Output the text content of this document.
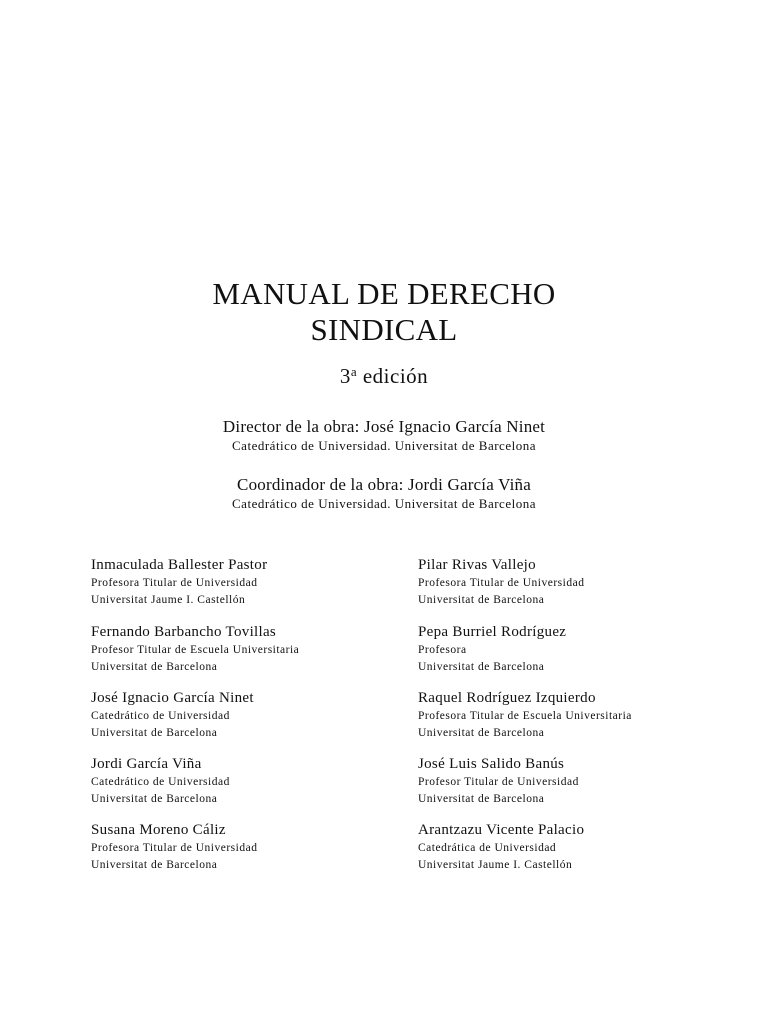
MANUAL DE DERECHO
SINDICAL
3$^a$ edición
Director de la obra: José Ignacio García Ninet
Catedrático de Universidad. Universitat de Barcelona
Coordinador de la obra: Jordi García Viña
Catedrático de Universidad. Universitat de Barcelona
Inmaculada Ballester Pastor
Profesora Titular de Universidad
Universitat Jaume I. Castellón
Pilar Rivas Vallejo
Profesora Titular de Universidad
Universitat de Barcelona
Fernando Barbancho Tovillas
Profesor Titular de Escuela Universitaria
Universitat de Barcelona
Pepa Burriel Rodríguez
Profesora
Universitat de Barcelona
José Ignacio García Ninet
Catedrático de Universidad
Universitat de Barcelona
Raquel Rodríguez Izquierdo
Profesora Titular de Escuela Universitaria
Universitat de Barcelona
Jordi García Viña
Catedrático de Universidad
Universitat de Barcelona
José Luis Salido Banús
Profesor Titular de Universidad
Universitat de Barcelona
Susana Moreno Cáliz
Profesora Titular de Universidad
Universitat de Barcelona
Arantzazu Vicente Palacio
Catedrática de Universidad
Universitat Jaume I. Castellón
